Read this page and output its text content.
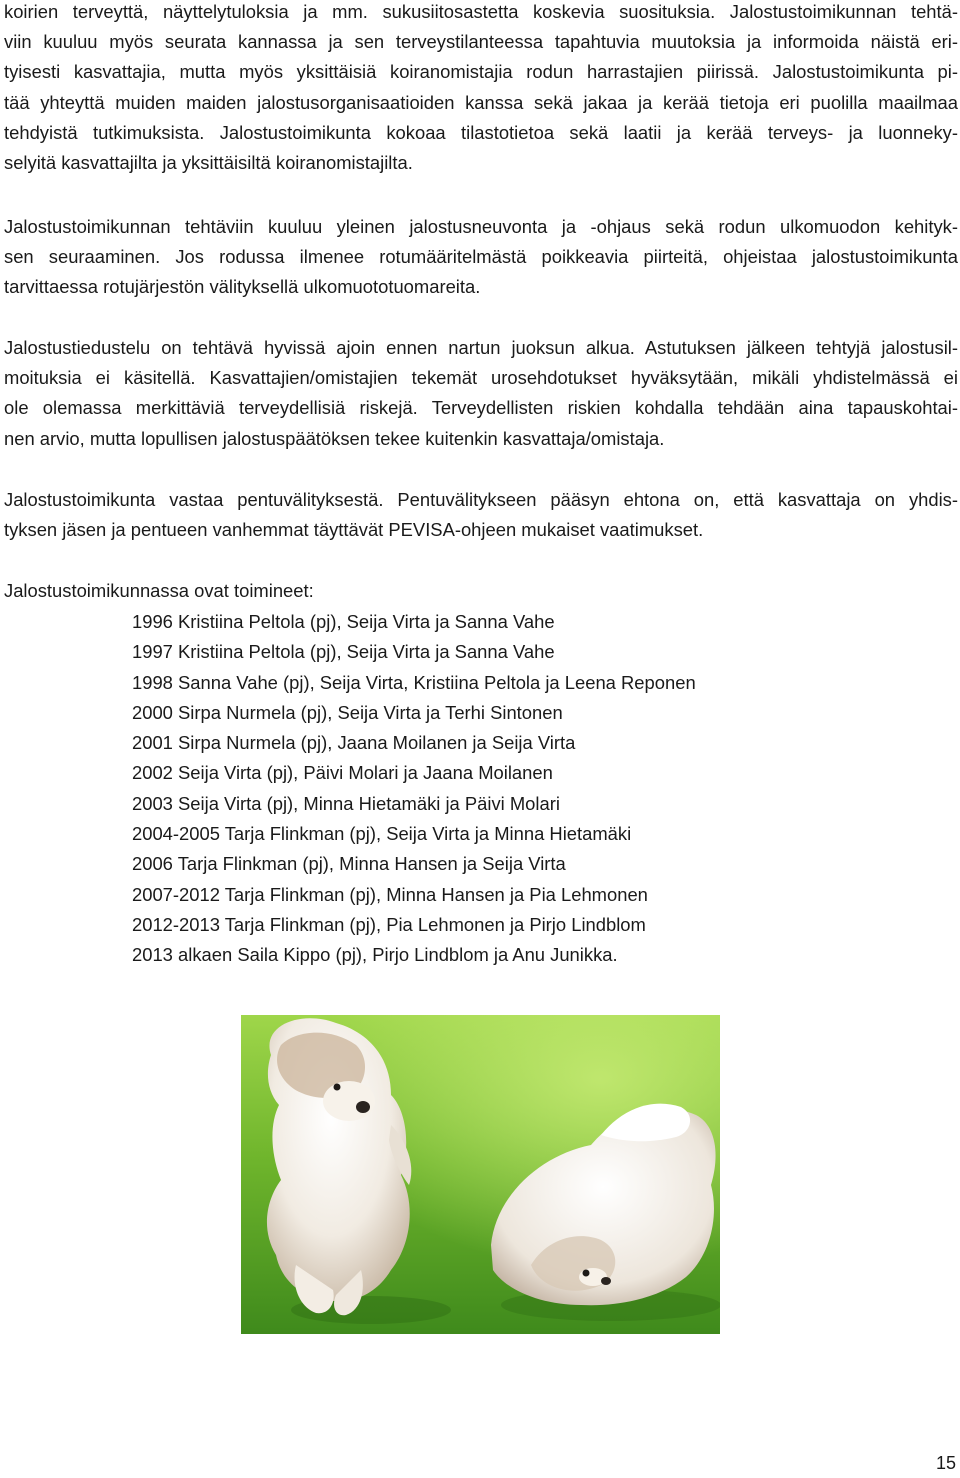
koirien terveyttä, näyttelytuloksia ja mm. sukusiitosastetta koskevia suosituksia. Jalostustoimikunnan tehtä-
viin kuuluu myös seurata kannassa ja sen terveystilanteessa tapahtuvia muutoksia ja informoida näistä eri-
tyisesti kasvattajia, mutta myös yksittäisiä koiranomistajia rodun harrastajien piirissä. Jalostustoimikunta pi-
tää yhteyttä muiden maiden jalostusorganisaatioiden kanssa sekä jakaa ja kerää tietoja eri puolilla maailmaa
tehdyistä tutkimuksista. Jalostustoimikunta kokoaa tilastotietoa sekä laatii ja kerää terveys- ja luonneky-
selyitä kasvattajilta ja yksittäisiltä koiranomistajilta.
Jalostustoimikunnan tehtäviin kuuluu yleinen jalostusneuvonta ja -ohjaus sekä rodun ulkomuodon kehityk-
sen seuraaminen. Jos rodussa ilmenee rotumääritelmästä poikkeavia piirteitä, ohjeistaa jalostustoimikunta
tarvittaessa rotujärjestön välityksellä ulkomuototuomareita.
Jalostustiedustelu on tehtävä hyvissä ajoin ennen nartun juoksun alkua. Astutuksen jälkeen tehtyjä jalostusil-
moituksia ei käsitellä. Kasvattajien/omistajien tekemät urosehdotukset hyväksytään, mikäli yhdistelmässä ei
ole olemassa merkittäviä terveydellisiä riskejä. Terveydellisten riskien kohdalla tehdään aina tapauskohtai-
nen arvio, mutta lopullisen jalostuspäätöksen tekee kuitenkin kasvattaja/omistaja.
Jalostustoimikunta vastaa pentuvälityksestä. Pentuvälitykseen pääsyn ehtona on, että kasvattaja on yhdis-
tyksen jäsen ja pentueen vanhemmat täyttävät PEVISA-ohjeen mukaiset vaatimukset.
Jalostustoimikunnassa ovat toimineet:
1996 Kristiina Peltola (pj), Seija Virta ja Sanna Vahe
1997 Kristiina Peltola (pj), Seija Virta ja Sanna Vahe
1998 Sanna Vahe (pj), Seija Virta, Kristiina Peltola ja Leena Reponen
2000 Sirpa Nurmela (pj), Seija Virta ja Terhi Sintonen
2001 Sirpa Nurmela (pj), Jaana Moilanen ja Seija Virta
2002 Seija Virta (pj), Päivi Molari ja Jaana Moilanen
2003 Seija Virta (pj), Minna Hietamäki ja Päivi Molari
2004-2005 Tarja Flinkman (pj), Seija Virta ja Minna Hietamäki
2006 Tarja Flinkman (pj), Minna Hansen ja Seija Virta
2007-2012 Tarja Flinkman (pj), Minna Hansen ja Pia Lehmonen
2012-2013 Tarja Flinkman (pj), Pia Lehmonen ja Pirjo Lindblom
2013 alkaen Saila Kippo (pj), Pirjo Lindblom ja Anu Junikka.
15
